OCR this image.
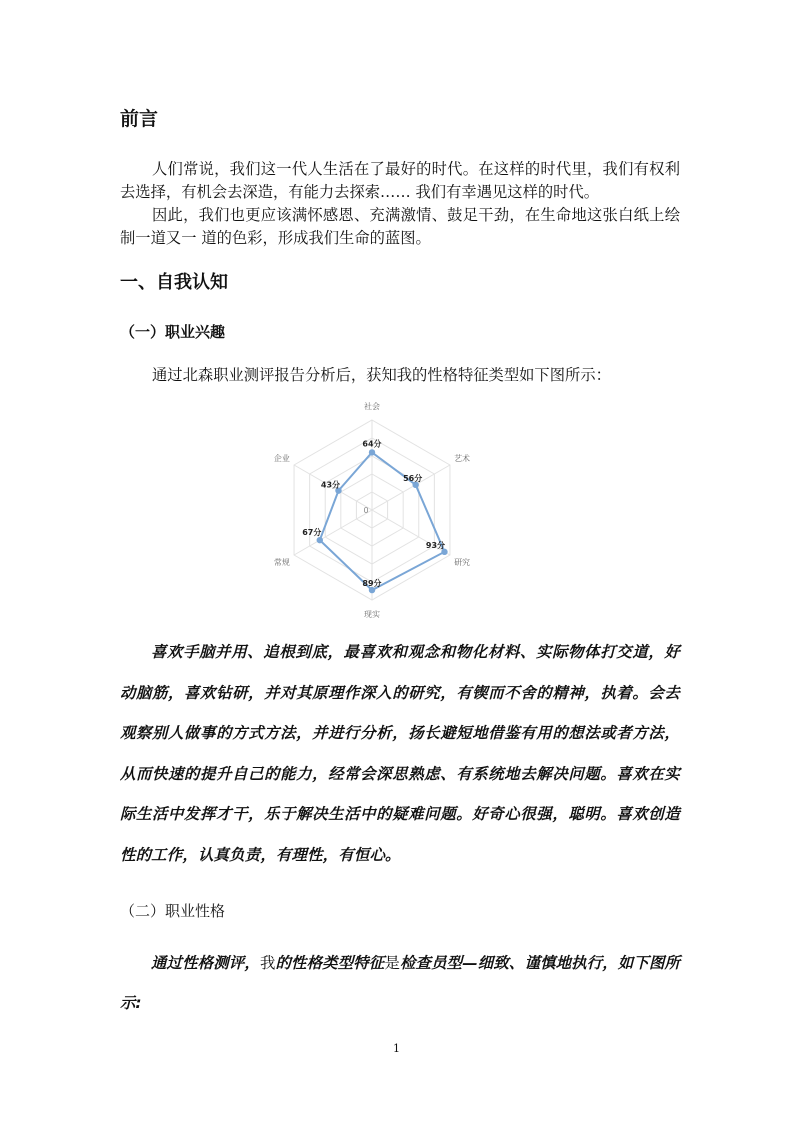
前言

人们常说，我们这一代人生活在了最好的时代。在这样的时代里，我们有权利去选择，有机会去深造，有能力去探索…… 我们有幸遇见这样的时代。

因此，我们也更应该满怀感恩、充满激情、鼓足干劲，在生命地这张白纸上绘制一道又一 道的色彩，形成我们生命的蓝图。

一、自我认知
（一）职业兴趣

通过北森职业测评报告分析后，获知我的性格特征类型如下图所示：

社会
艺术
研究
现实
常规
企业
0
64分
56分
93分
89分
67分
43分

喜欢手脑并用、追根到底，最喜欢和观念和物化材料、实际物体打交道，好动脑筋，喜欢钻研，并对其原理作深入的研究，有锲而不舍的精神，执着。会去观察别人做事的方式方法，并进行分析，扬长避短地借鉴有用的想法或者方法，从而快速的提升自己的能力，经常会深思熟虑、有系统地去解决问题。喜欢在实际生活中发挥才干，乐于解决生活中的疑难问题。好奇心很强，聪明。喜欢创造性的工作，认真负责，有理性，有恒心。

（二）职业性格

通过性格测评，我的性格类型特征是检查员型—细致、谨慎地执行，如下图所示:

1
